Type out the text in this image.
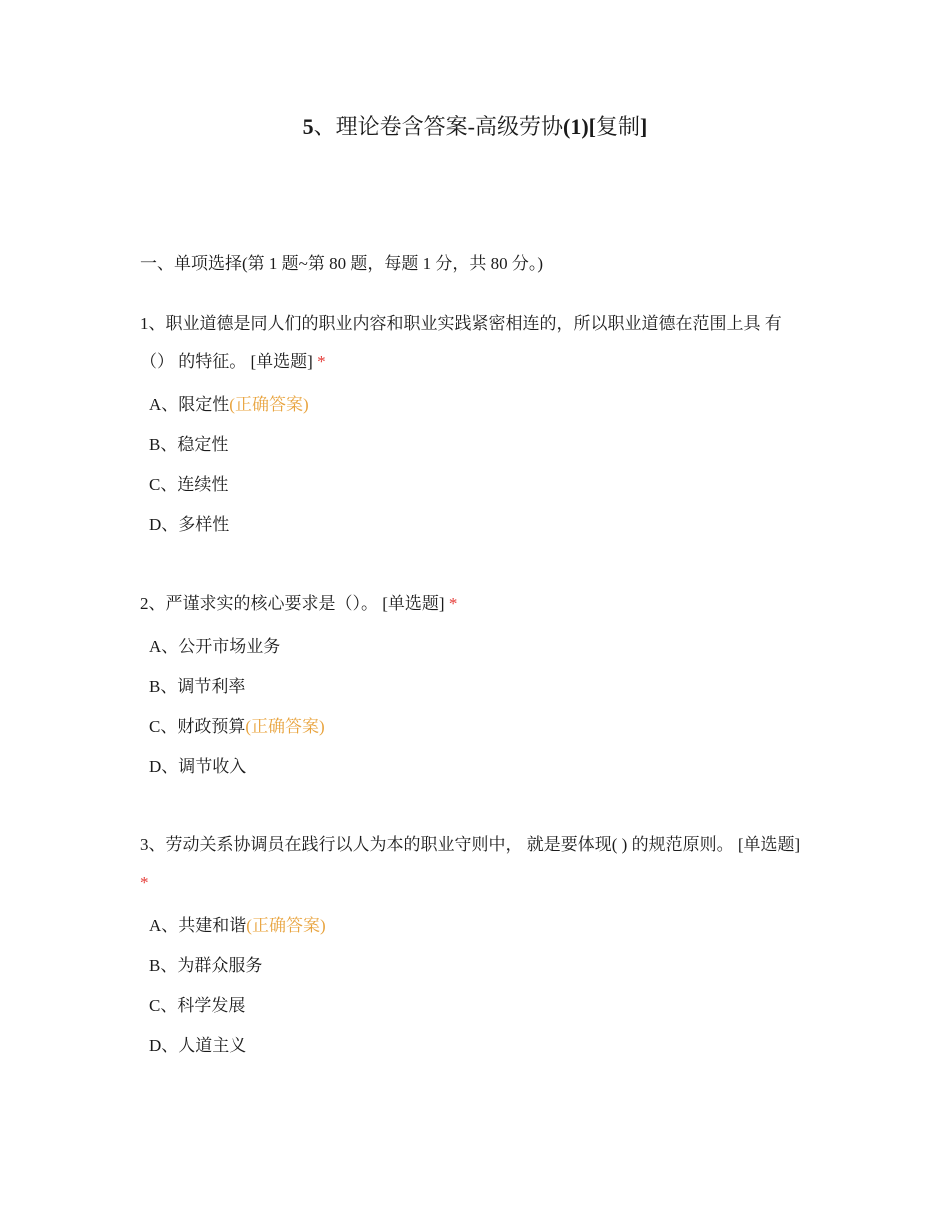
5、理论卷含答案-高级劳协(1)[复制]

一、单项选择(第 1 题~第 80 题，每题 1 分，共 80 分。)

1、职业道德是同人们的职业内容和职业实践紧密相连的，所以职业道德在范围上具 有（） 的特征。 [单选题] *

A、限定性(正确答案)
B、稳定性
C、连续性
D、多样性

2、严谨求实的核心要求是（）。 [单选题] *

A、公开市场业务
B、调节利率
C、财政预算(正确答案)
D、调节收入

3、劳动关系协调员在践行以人为本的职业守则中， 就是要体现( ) 的规范原则。 [单选题] *

A、共建和谐(正确答案)
B、为群众服务
C、科学发展
D、人道主义
